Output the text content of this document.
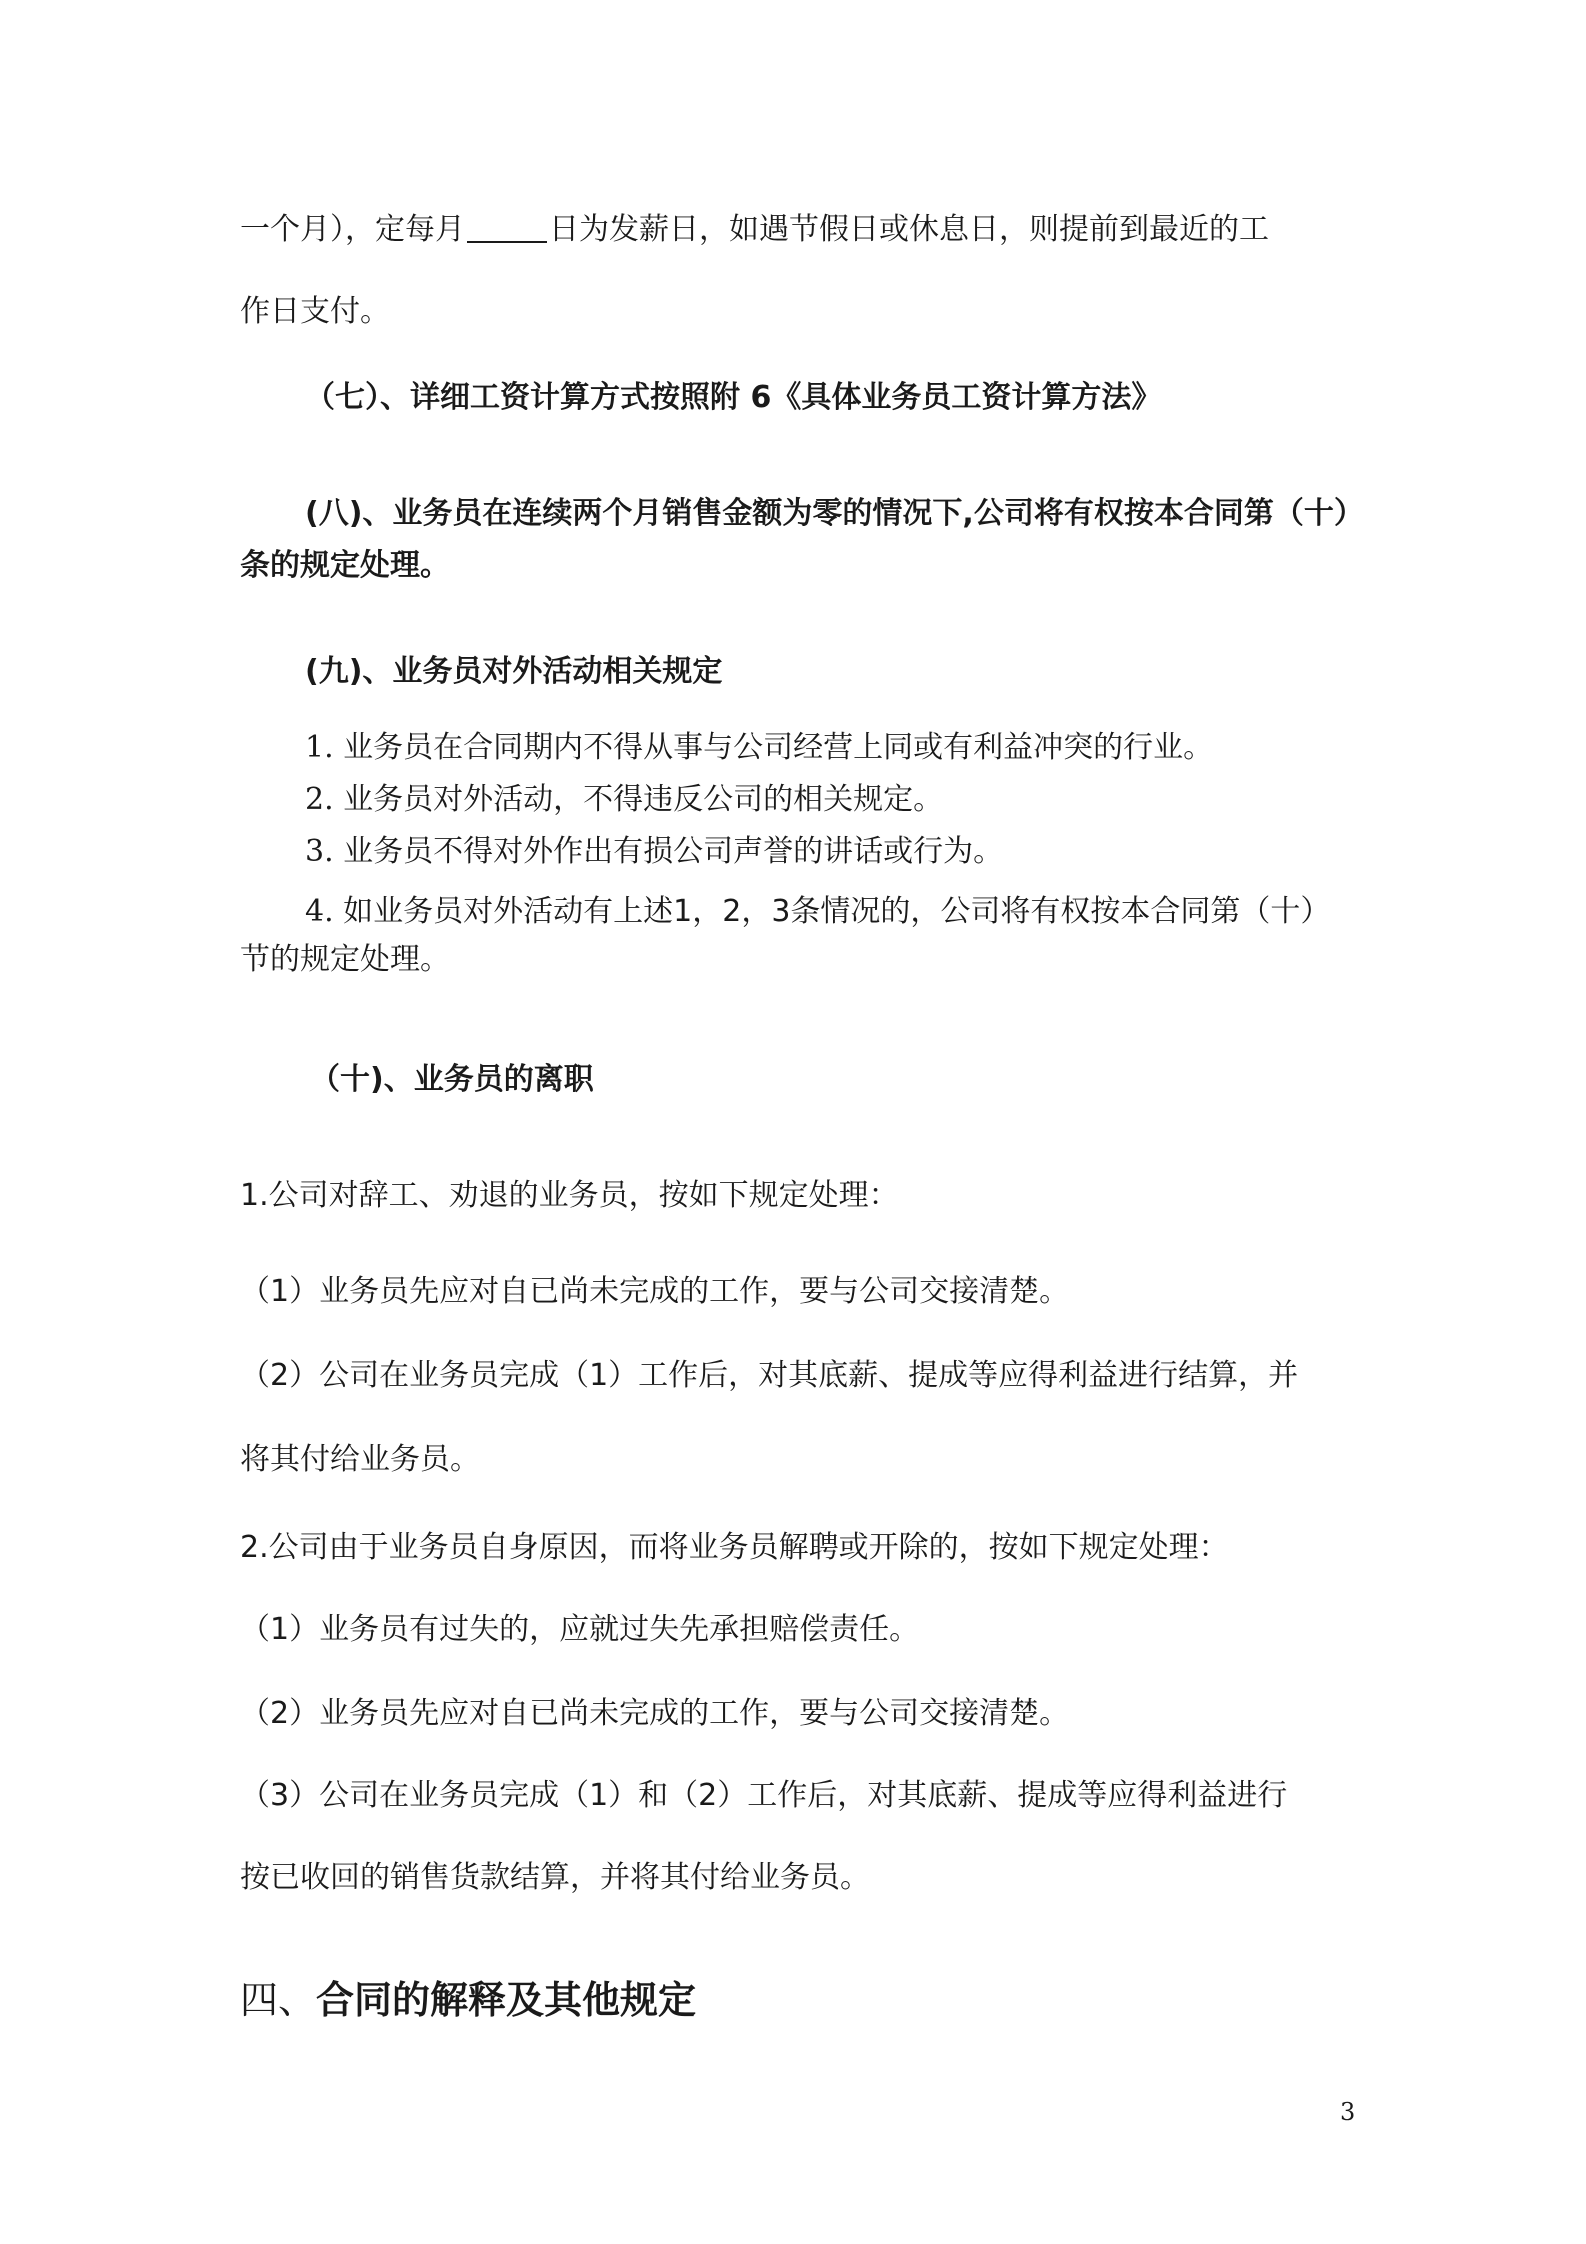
一个月），定每月	日为发薪日，如遇节假日或休息日，则提前到最近的工
作日支付。
（七）、详细工资计算方式按照附 6《具体业务员工资计算方法》
(八)、业务员在连续两个月销售金额为零的情况下,公司将有权按本合同第（十）
条的规定处理。
(九)、业务员对外活动相关规定
1. 业务员在合同期内不得从事与公司经营上同或有利益冲突的行业。
2. 业务员对外活动，不得违反公司的相关规定。
3. 业务员不得对外作出有损公司声誉的讲话或行为。
4. 如业务员对外活动有上述1，2，3条情况的，公司将有权按本合同第（十）
节的规定处理。
（十)、业务员的离职
1.公司对辞工、劝退的业务员，按如下规定处理：
（1）业务员先应对自已尚未完成的工作，要与公司交接清楚。
（2）公司在业务员完成（1）工作后，对其底薪、提成等应得利益进行结算，并
将其付给业务员。
2.公司由于业务员自身原因，而将业务员解聘或开除的，按如下规定处理：
（1）业务员有过失的，应就过失先承担赔偿责任。
（2）业务员先应对自已尚未完成的工作，要与公司交接清楚。
（3）公司在业务员完成（1）和（2）工作后，对其底薪、提成等应得利益进行
按已收回的销售货款结算，并将其付给业务员。
四、合同的解释及其他规定
3
